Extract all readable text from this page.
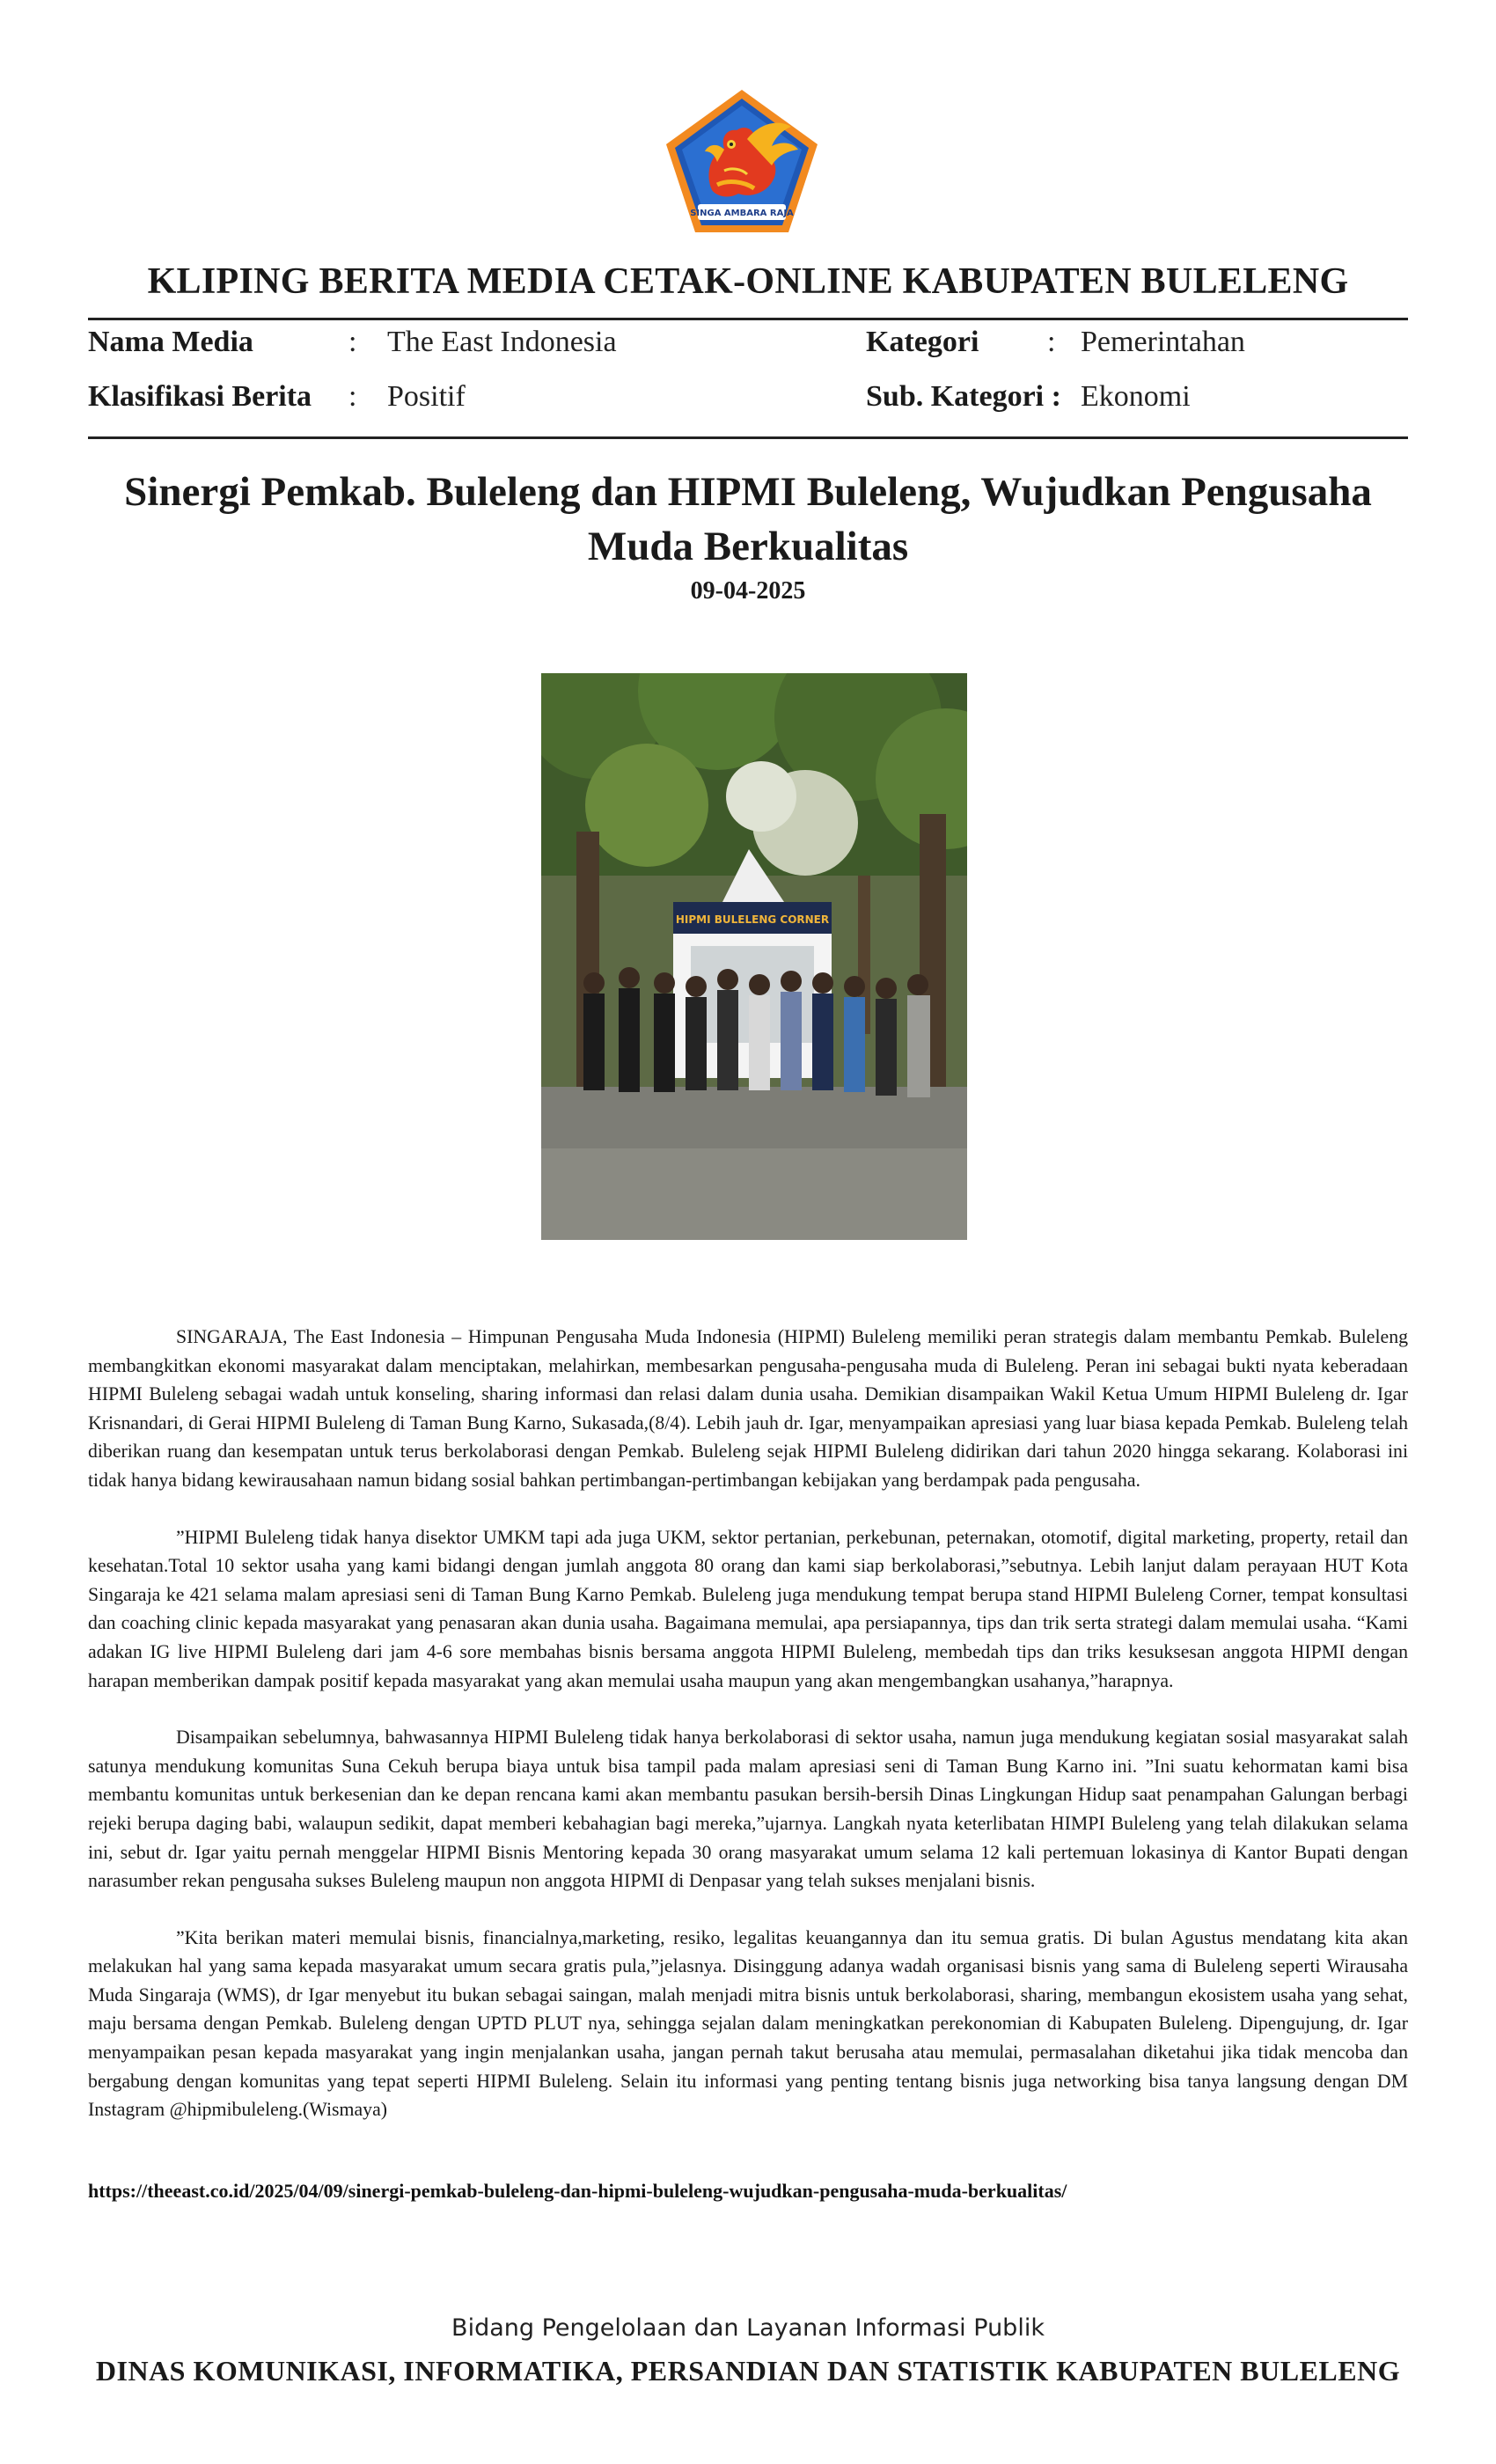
SINGA AMBARA RAJA
KLIPING BERITA MEDIA CETAK-ONLINE KABUPATEN BULELENG
Nama Media	: The East Indonesia	Kategori : Pemerintahan
Klasifikasi Berita : Positif	Sub. Kategori : Ekonomi
Sinergi Pemkab. Buleleng dan HIPMI Buleleng, Wujudkan Pengusaha Muda Berkualitas
09-04-2025
HIPMI BULELENG CORNER

SINGARAJA, The East Indonesia – Himpunan Pengusaha Muda Indonesia (HIPMI) Buleleng memiliki peran strategis dalam membantu Pemkab. Buleleng membangkitkan ekonomi masyarakat dalam menciptakan, melahirkan, membesarkan pengusaha-pengusaha muda di Buleleng. Peran ini sebagai bukti nyata keberadaan HIPMI Buleleng sebagai wadah untuk konseling, sharing informasi dan relasi dalam dunia usaha. Demikian disampaikan Wakil Ketua Umum HIPMI Buleleng dr. Igar Krisnandari, di Gerai HIPMI Buleleng di Taman Bung Karno, Sukasada,(8/4). Lebih jauh dr. Igar, menyampaikan apresiasi yang luar biasa kepada Pemkab. Buleleng telah diberikan ruang dan kesempatan untuk terus berkolaborasi dengan Pemkab. Buleleng sejak HIPMI Buleleng didirikan dari tahun 2020 hingga sekarang. Kolaborasi ini tidak hanya bidang kewirausahaan namun bidang sosial bahkan pertimbangan-pertimbangan kebijakan yang berdampak pada pengusaha.

”HIPMI Buleleng tidak hanya disektor UMKM tapi ada juga UKM, sektor pertanian, perkebunan, peternakan, otomotif, digital marketing, property, retail dan kesehatan.Total 10 sektor usaha yang kami bidangi dengan jumlah anggota 80 orang dan kami siap berkolaborasi,”sebutnya. Lebih lanjut dalam perayaan HUT Kota Singaraja ke 421 selama malam apresiasi seni di Taman Bung Karno Pemkab. Buleleng juga mendukung tempat berupa stand HIPMI Buleleng Corner, tempat konsultasi dan coaching clinic kepada masyarakat yang penasaran akan dunia usaha. Bagaimana memulai, apa persiapannya, tips dan trik serta strategi dalam memulai usaha. “Kami adakan IG live HIPMI Buleleng dari jam 4-6 sore membahas bisnis bersama anggota HIPMI Buleleng, membedah tips dan triks kesuksesan anggota HIPMI dengan harapan memberikan dampak positif kepada masyarakat yang akan memulai usaha maupun yang akan mengembangkan usahanya,”harapnya.

Disampaikan sebelumnya, bahwasannya HIPMI Buleleng tidak hanya berkolaborasi di sektor usaha, namun juga mendukung kegiatan sosial masyarakat salah satunya mendukung komunitas Suna Cekuh berupa biaya untuk bisa tampil pada malam apresiasi seni di Taman Bung Karno ini. ”Ini suatu kehormatan kami bisa membantu komunitas untuk berkesenian dan ke depan rencana kami akan membantu pasukan bersih-bersih Dinas Lingkungan Hidup saat penampahan Galungan berbagi rejeki berupa daging babi, walaupun sedikit, dapat memberi kebahagian bagi mereka,”ujarnya. Langkah nyata keterlibatan HIMPI Buleleng yang telah dilakukan selama ini, sebut dr. Igar yaitu pernah menggelar HIPMI Bisnis Mentoring kepada 30 orang masyarakat umum selama 12 kali pertemuan lokasinya di Kantor Bupati dengan narasumber rekan pengusaha sukses Buleleng maupun non anggota HIPMI di Denpasar yang telah sukses menjalani bisnis.

”Kita berikan materi memulai bisnis, financialnya,marketing, resiko, legalitas keuangannya dan itu semua gratis. Di bulan Agustus mendatang kita akan melakukan hal yang sama kepada masyarakat umum secara gratis pula,”jelasnya. Disinggung adanya wadah organisasi bisnis yang sama di Buleleng seperti Wirausaha Muda Singaraja (WMS), dr Igar menyebut itu bukan sebagai saingan, malah menjadi mitra bisnis untuk berkolaborasi, sharing, membangun ekosistem usaha yang sehat, maju bersama dengan Pemkab. Buleleng dengan UPTD PLUT nya, sehingga sejalan dalam meningkatkan perekonomian di Kabupaten Buleleng. Dipengujung, dr. Igar menyampaikan pesan kepada masyarakat yang ingin menjalankan usaha, jangan pernah takut berusaha atau memulai, permasalahan diketahui jika tidak mencoba dan bergabung dengan komunitas yang tepat seperti HIPMI Buleleng. Selain itu informasi yang penting tentang bisnis juga networking bisa tanya langsung dengan DM Instagram @hipmibuleleng.(Wismaya)

https://theeast.co.id/2025/04/09/sinergi-pemkab-buleleng-dan-hipmi-buleleng-wujudkan-pengusaha-muda-berkualitas/
Bidang Pengelolaan dan Layanan Informasi Publik
DINAS KOMUNIKASI, INFORMATIKA, PERSANDIAN DAN STATISTIK KABUPATEN BULELENG
